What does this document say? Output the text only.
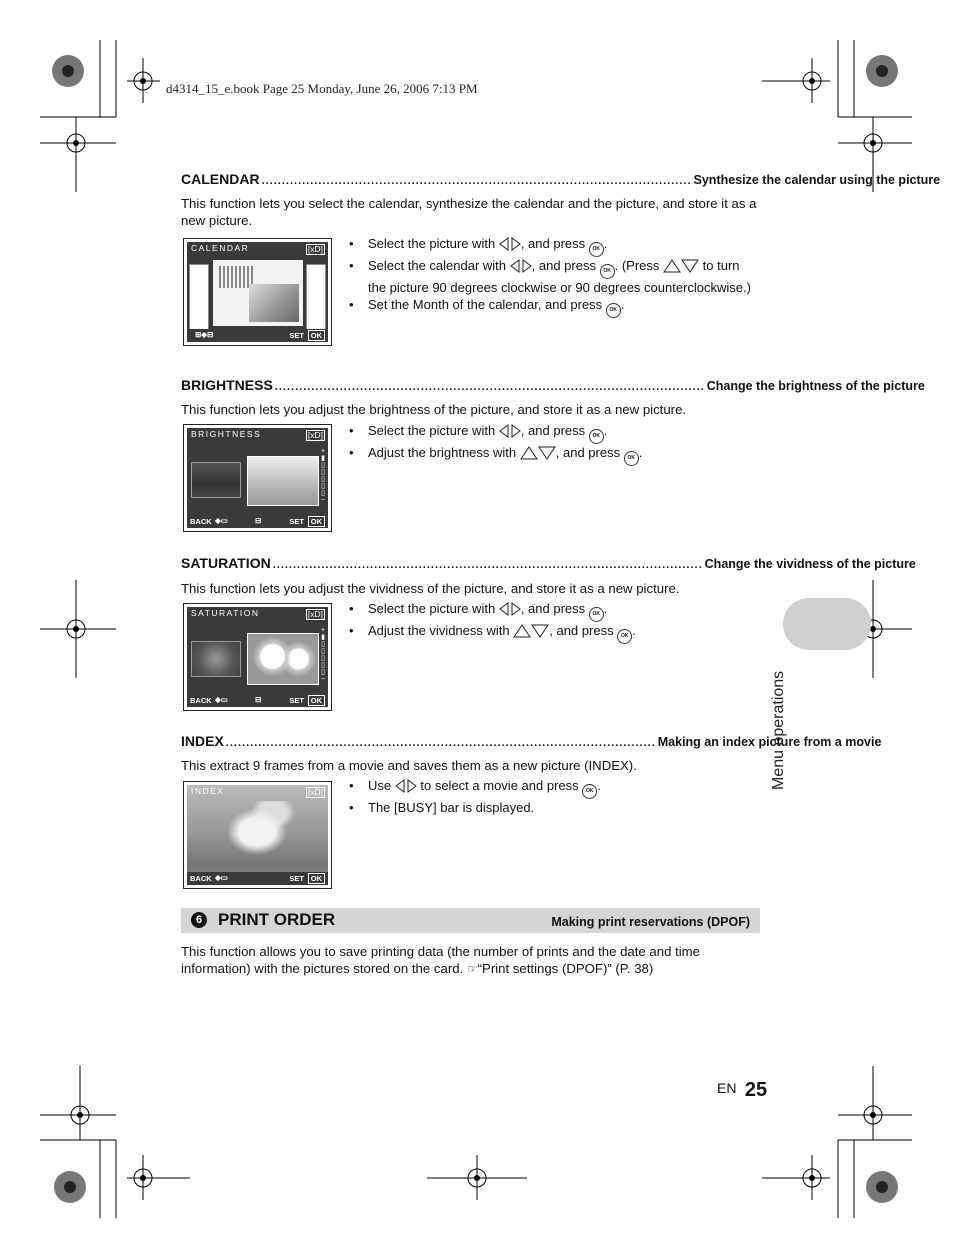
d4314_15_e.book Page 25 Monday, June 26, 2006 7:13 PM
CALENDAR .......................................................................................................... Synthesize the calendar using the picture
This function lets you select the calendar, synthesize the calendar and the picture, and store it as a new picture.
CALENDAR	[xD]
⊞◆⊟	SET OK
• Select the picture with , and press OK .
• Select the calendar with , and press OK . (Press	to turn the picture 90 degrees clockwise or 90 degrees counterclockwise.)
• Set the Month of the calendar, and press OK .
BRIGHTNESS .......................................................................................................... Change the brightness of the picture
This function lets you adjust the brightness of the picture, and store it as a new picture.
BRIGHTNESS	[xD]
+
▮
▯
▯
▯
▯
▯
−
BACK ◆▭	⊟	SET OK
• Select the picture with , and press OK .
• Adjust the brightness with	, and press OK .
SATURATION .......................................................................................................... Change the vividness of the picture
This function lets you adjust the vividness of the picture, and store it as a new picture.
SATURATION	[xD]
+
▮
▯
▯
▯
▯
▯
−
BACK ◆▭	⊟	SET OK
• Select the picture with , and press OK .
• Adjust the vividness with	, and press OK .
INDEX .......................................................................................................... Making an index picture from a movie
This extract 9 frames from a movie and saves them as a new picture (INDEX).
INDEX	[xD]
BACK ◆▭	SET OK
• Use to select a movie and press OK .
• The [BUSY] bar is displayed.
6 PRINT ORDER	Making print reservations (DPOF)
This function allows you to save printing data (the number of prints and the date and time
information) with the pictures stored on the card. ☞“Print settings (DPOF)” (P. 38)
Menu operations
EN 25
